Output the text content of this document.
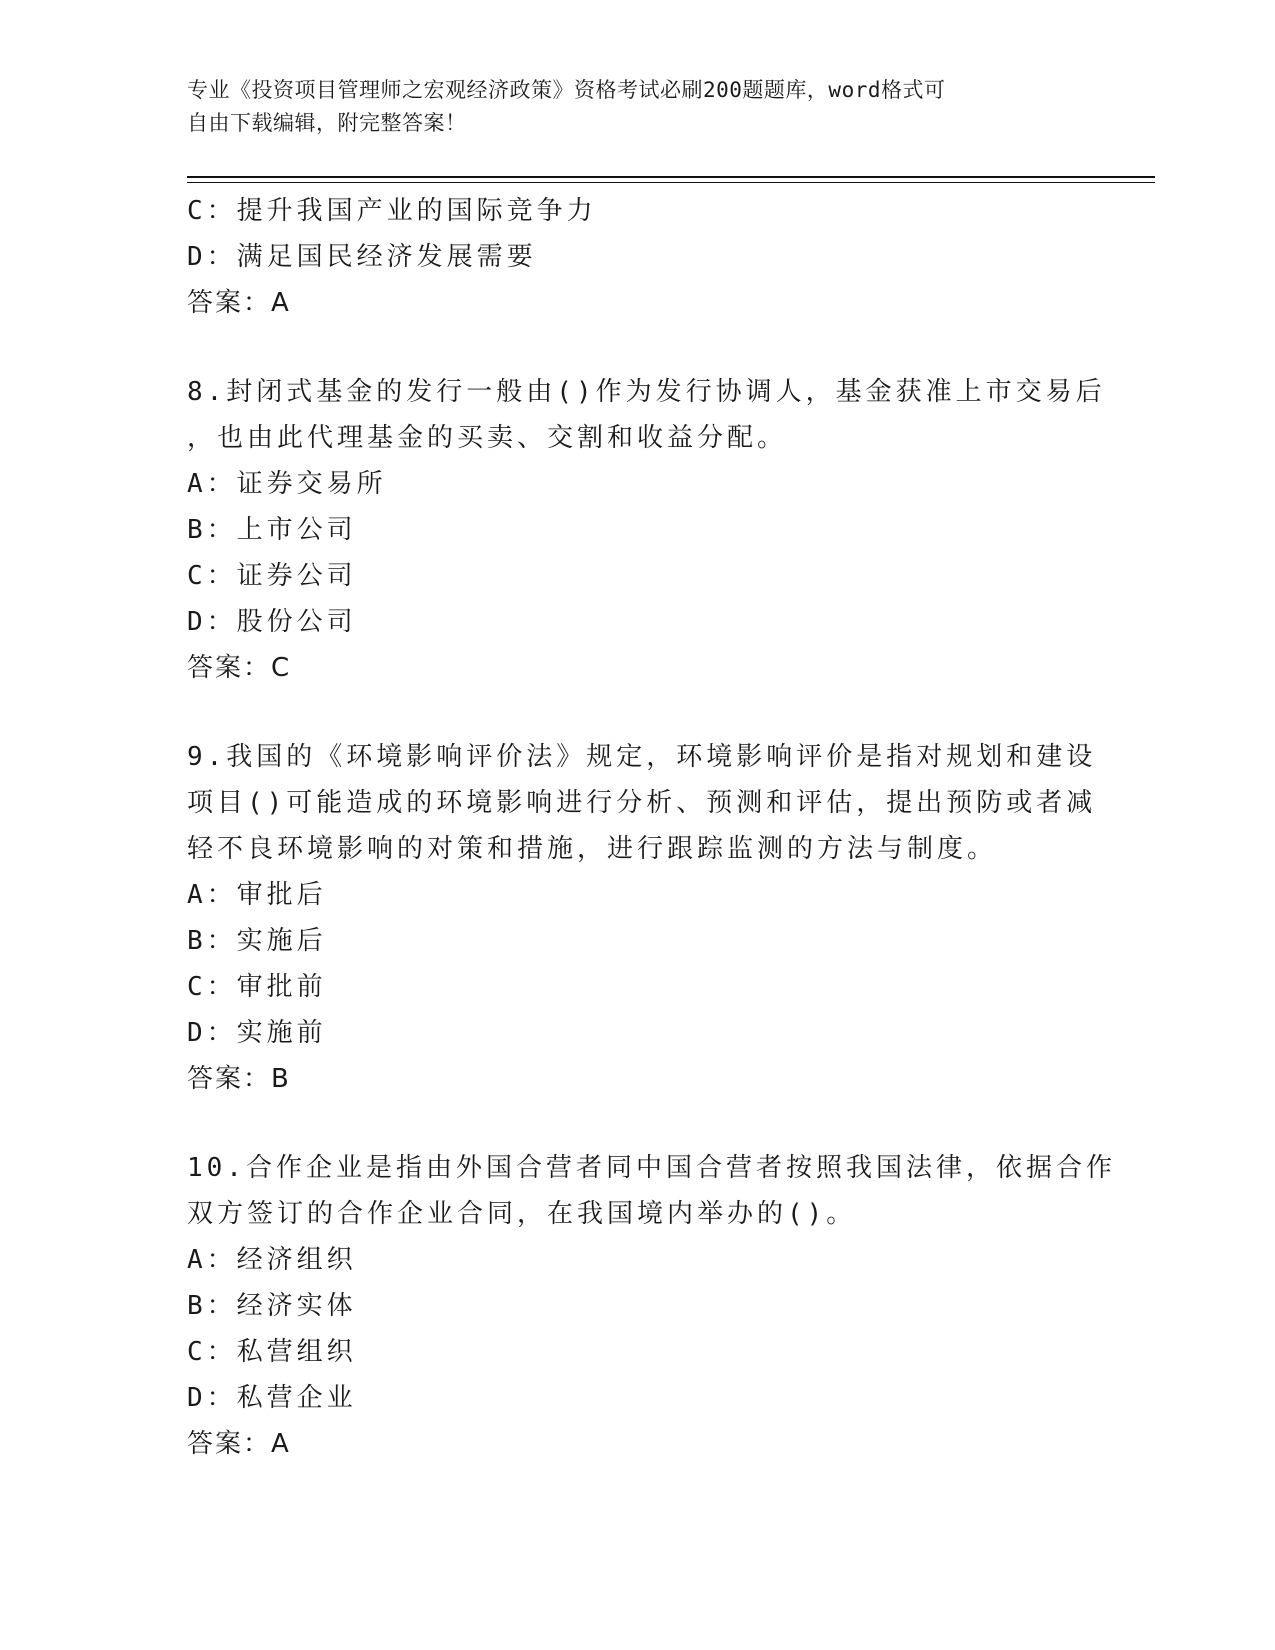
专业《投资项目管理师之宏观经济政策》资格考试必刷200题题库，word格式可
自由下载编辑，附完整答案！
C：提升我国产业的国际竞争力
D：满足国民经济发展需要
答案：A
8.封闭式基金的发行一般由()作为发行协调人，基金获准上市交易后
，也由此代理基金的买卖、交割和收益分配。
A：证券交易所
B：上市公司
C：证券公司
D：股份公司
答案：C
9.我国的《环境影响评价法》规定，环境影响评价是指对规划和建设
项目()可能造成的环境影响进行分析、预测和评估，提出预防或者减
轻不良环境影响的对策和措施，进行跟踪监测的方法与制度。
A：审批后
B：实施后
C：审批前
D：实施前
答案：B
10.合作企业是指由外国合营者同中国合营者按照我国法律，依据合作
双方签订的合作企业合同，在我国境内举办的()。
A：经济组织
B：经济实体
C：私营组织
D：私营企业
答案：A
